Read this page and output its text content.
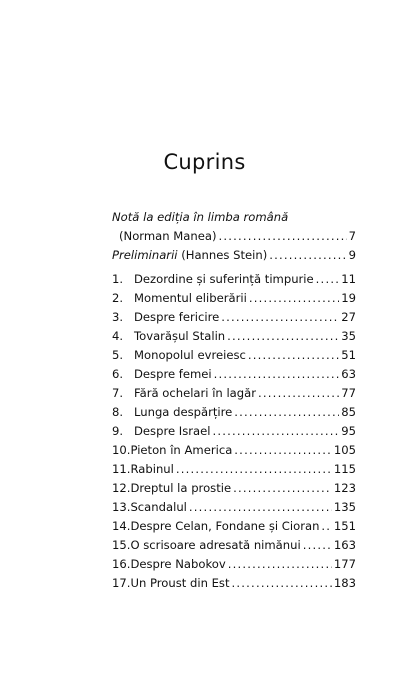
Cuprins
Notă la ediția în limba română
(Norman Manea) .....	7
Preliminarii (Hannes Stein) .....	9
1. Dezordine și suferință timpurie ..... 11
2. Momentul eliberării .....	19
3. Despre fericire .....	27
4. Tovarășul Stalin .....	35
5. Monopolul evreiesc .....	51
6. Despre femei .....	63
7. Fără ochelari în lagăr .....	77
8. Lunga despărțire .....	85
9. Despre Israel .....	95
10. Pieton în America .....	105
11. Rabinul .....	115
12. Dreptul la prostie .....	123
13. Scandalul .....	135
14. Despre Celan, Fondane și Cioran ..... 151
15. O scrisoare adresată nimănui .....	163
16. Despre Nabokov .....	177
17. Un Proust din Est .....	183
